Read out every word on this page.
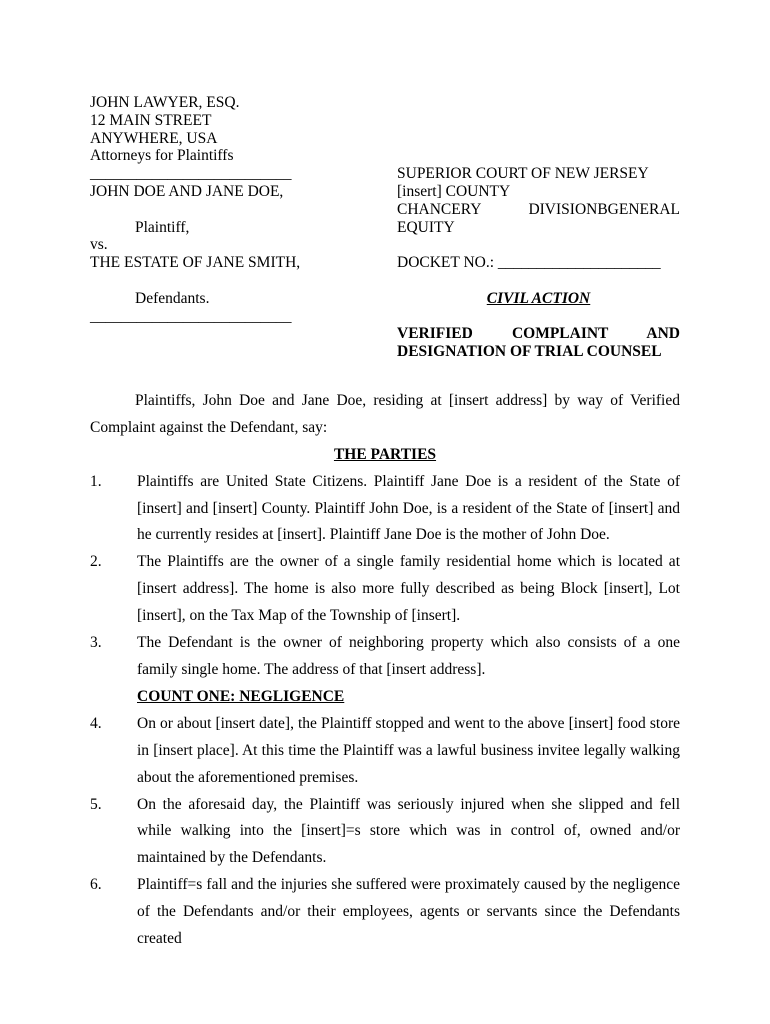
JOHN LAWYER, ESQ.
12 MAIN STREET
ANYWHERE, USA
Attorneys for Plaintiffs
__________________________
JOHN DOE AND JANE DOE,

Plaintiff,
vs.
THE ESTATE OF JANE SMITH,

Defendants.
__________________________
SUPERIOR COURT OF NEW JERSEY
[insert] COUNTY
CHANCERY DIVISIONBGENERAL
EQUITY

DOCKET NO.: _____________________

CIVIL ACTION

VERIFIED COMPLAINT AND
DESIGNATION OF TRIAL COUNSEL
Plaintiffs, John Doe and Jane Doe, residing at [insert address] by way of Verified Complaint against the Defendant, say:
THE PARTIES
1.	Plaintiffs are United State Citizens. Plaintiff Jane Doe is a resident of the State of [insert] and [insert] County. Plaintiff John Doe, is a resident of the State of [insert] and he currently resides at [insert]. Plaintiff Jane Doe is the mother of John Doe.
2.	The Plaintiffs are the owner of a single family residential home which is located at [insert address]. The home is also more fully described as being Block [insert], Lot [insert], on the Tax Map of the Township of [insert].
3.	The Defendant is the owner of neighboring property which also consists of a one family single home. The address of that [insert address].
COUNT ONE: NEGLIGENCE
4.	On or about [insert date], the Plaintiff stopped and went to the above [insert] food store in [insert place]. At this time the Plaintiff was a lawful business invitee legally walking about the aforementioned premises.
5.	On the aforesaid day, the Plaintiff was seriously injured when she slipped and fell while walking into the [insert]=s store which was in control of, owned and/or maintained by the Defendants.
6.	Plaintiff=s fall and the injuries she suffered were proximately caused by the negligence of the Defendants and/or their employees, agents or servants since the Defendants created
